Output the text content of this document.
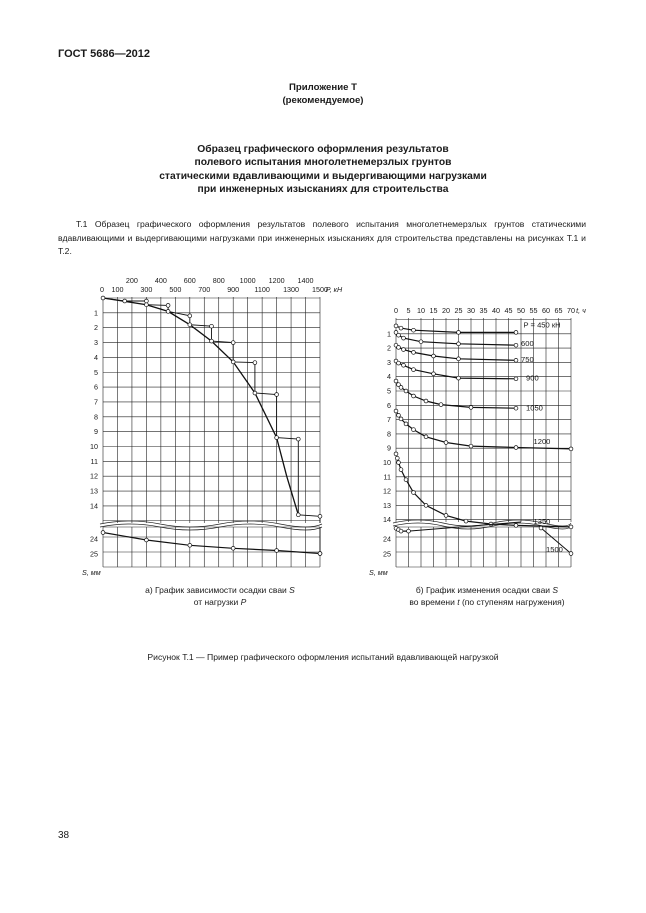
ГОСТ 5686—2012
Приложение Т
(рекомендуемое)
Образец графического оформления результатов
полевого испытания многолетнемерзлых грунтов
статическими вдавливающими и выдергивающими нагрузками
при инженерных изысканиях для строительства
Т.1 Образец графического оформления результатов полевого испытания многолетнемерзлых грунтов статическими вдавливающими и выдергивающими нагрузками при инженерных изысканиях для строительства представлены на рисунках Т.1 и Т.2.
200 400 600 800 1000 1200 1400
0 100 300 500 700 900 1100 1300 1500
P, кН
1
2
3
4
5
6
7
8
9
10
11
12
13
14
24
25
S, мм
0 5 10 15 20 25 30 35 40 45 50 55 60 65 70 t, ч
1
2
3
4
5
6
7
8
9
10
11
12
13
14
24
25
S, мм
P = 450 кН
600
750
900
1050
1200
1350
1500
а) График зависимости осадки сваи S
от нагрузки P
б) График изменения осадки сваи S
во времени t (по ступеням нагружения)
Рисунок Т.1 — Пример графического оформления испытаний вдавливающей нагрузкой
38
